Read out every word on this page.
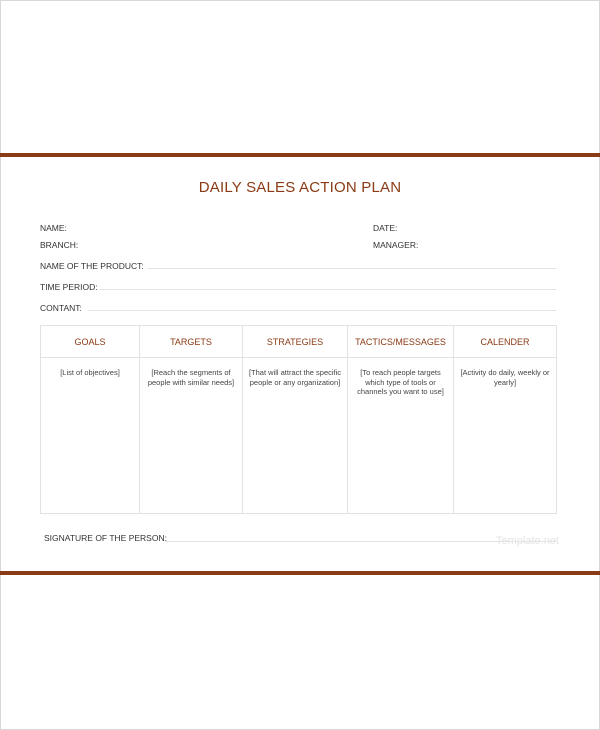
DAILY SALES ACTION PLAN
NAME:	DATE:
BRANCH:	MANAGER:
NAME OF THE PRODUCT:
TIME PERIOD:
CONTANT:
GOALS	TARGETS	STRATEGIES	TACTICS/MESSAGES	CALENDER
[List of objectives]	[Reach the segments of people with similar needs]	[That will attract the specific people or any organization]	[To reach people targets which type of tools or channels you want to use]	[Activity do daily, weekly or yearly]
SIGNATURE OF THE PERSON:	Template.net
